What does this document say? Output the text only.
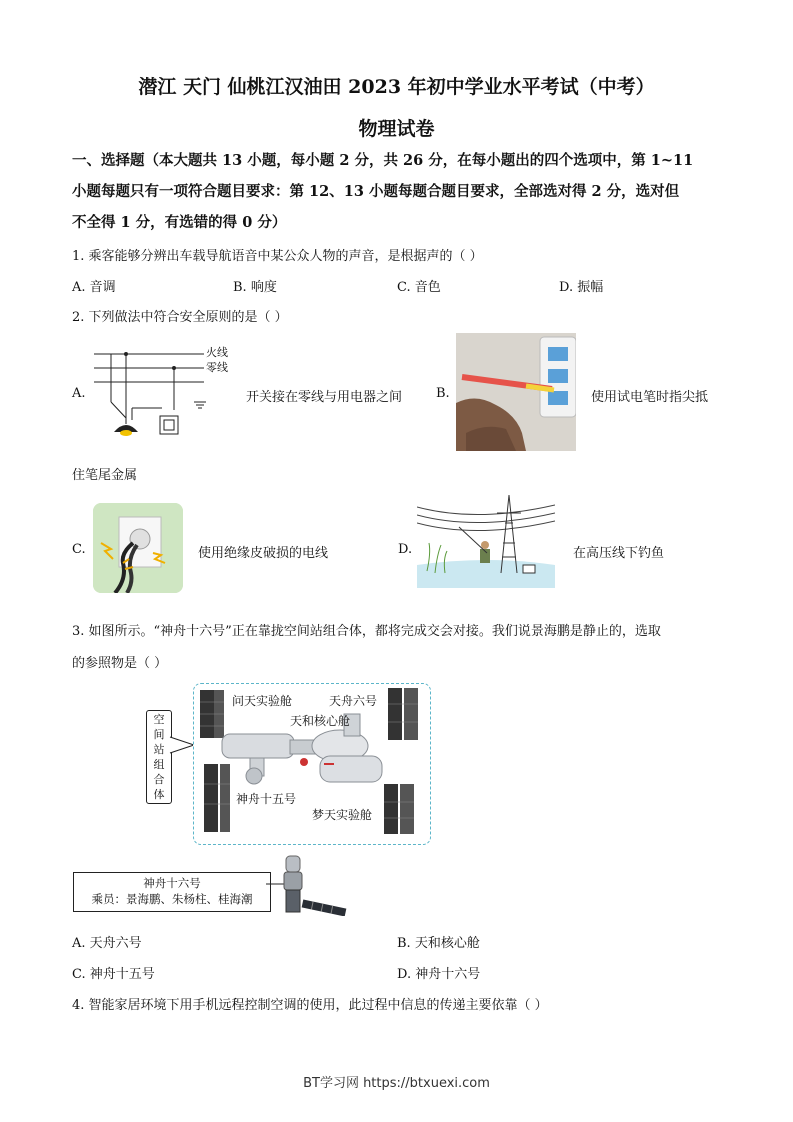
潜江 天门 仙桃江汉油田 2023 年初中学业水平考试（中考）
物理试卷
一、选择题（本大题共 13 小题，每小题 2 分，共 26 分，在每小题出的四个选项中，第 1~11
小题每题只有一项符合题目要求：第 12、13 小题每题合题目要求，全部选对得 2 分，选对但
不全得 1 分，有选错的得 0 分）
1. 乘客能够分辨出车载导航语音中某公众人物的声音，是根据声的（ ）
A. 音调	B. 响度	C. 音色	D. 振幅
2. 下列做法中符合安全原则的是（ ）
A.
火线
零线
开关接在零线与用电器之间	B.	使用试电笔时指尖抵
住笔尾金属
C.	使用绝缘皮破损的电线	D.	在高压线下钓鱼
3. 如图所示。“神舟十六号”正在靠拢空间站组合体，都将完成交会对接。我们说景海鹏是静止的，选取
的参照物是（ ）
空
间
站
组
合
体
问天实验舱	天舟六号
天和核心舱
神舟十五号
梦天实验舱
神舟十六号
乘员：景海鹏、朱杨柱、桂海潮
A. 天舟六号	B. 天和核心舱
C. 神舟十五号	D. 神舟十六号
4. 智能家居环境下用手机远程控制空调的使用，此过程中信息的传递主要依靠（ ）
BT学习网 https://btxuexi.com
